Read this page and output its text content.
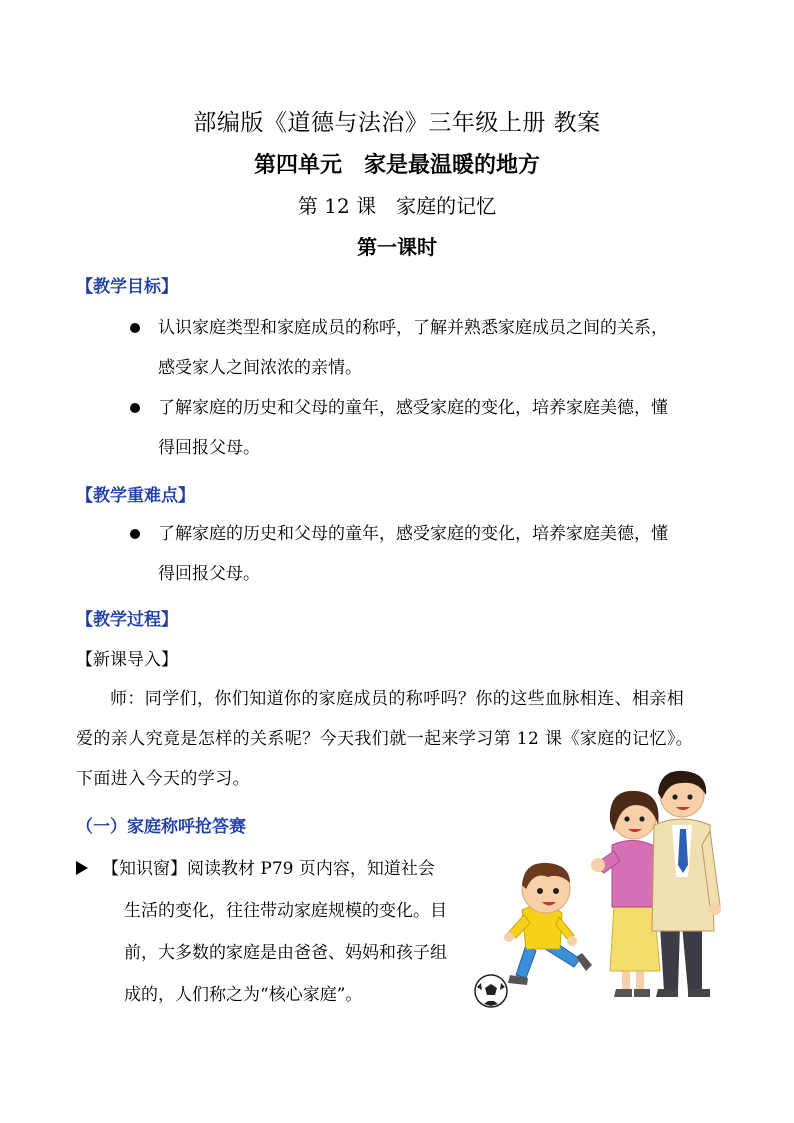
部编版《道德与法治》三年级上册 教案
第四单元　家是最温暖的地方
第 12 课　家庭的记忆
第一课时
【教学目标】
认识家庭类型和家庭成员的称呼，了解并熟悉家庭成员之间的关系，
感受家人之间浓浓的亲情。
了解家庭的历史和父母的童年，感受家庭的变化，培养家庭美德，懂
得回报父母。
【教学重难点】
了解家庭的历史和父母的童年，感受家庭的变化，培养家庭美德，懂
得回报父母。
【教学过程】
【新课导入】
师：同学们，你们知道你的家庭成员的称呼吗？你的这些血脉相连、相亲相
爱的亲人究竟是怎样的关系呢？今天我们就一起来学习第 12 课《家庭的记忆》。
下面进入今天的学习。
（一）家庭称呼抢答赛
【知识窗】阅读教材 P79 页内容，知道社会
生活的变化，往往带动家庭规模的变化。目
前，大多数的家庭是由爸爸、妈妈和孩子组
成的，人们称之为“核心家庭”。
